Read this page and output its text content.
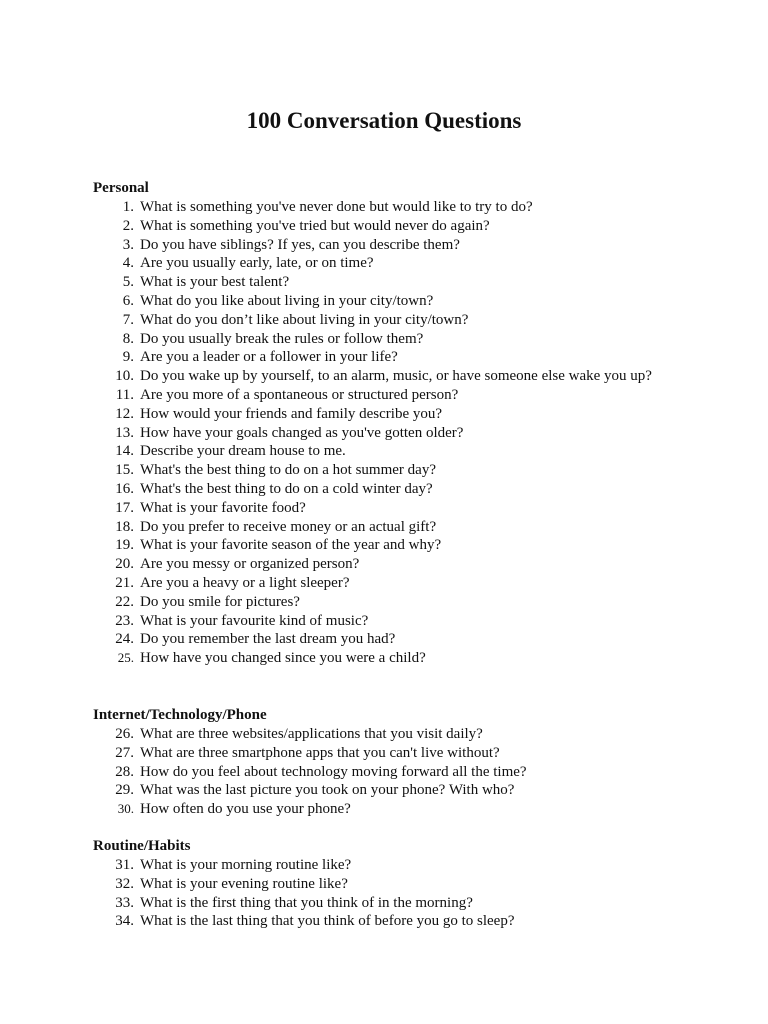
100 Conversation Questions
Personal
1. What is something you've never done but would like to try to do?
2. What is something you've tried but would never do again?
3. Do you have siblings? If yes, can you describe them?
4. Are you usually early, late, or on time?
5. What is your best talent?
6. What do you like about living in your city/town?
7. What do you don’t like about living in your city/town?
8. Do you usually break the rules or follow them?
9. Are you a leader or a follower in your life?
10. Do you wake up by yourself, to an alarm, music, or have someone else wake you up?
11. Are you more of a spontaneous or structured person?
12. How would your friends and family describe you?
13. How have your goals changed as you've gotten older?
14. Describe your dream house to me.
15. What's the best thing to do on a hot summer day?
16. What's the best thing to do on a cold winter day?
17. What is your favorite food?
18. Do you prefer to receive money or an actual gift?
19. What is your favorite season of the year and why?
20. Are you messy or organized person?
21. Are you a heavy or a light sleeper?
22. Do you smile for pictures?
23. What is your favourite kind of music?
24. Do you remember the last dream you had?
25. How have you changed since you were a child?
Internet/Technology/Phone
26. What are three websites/applications that you visit daily?
27. What are three smartphone apps that you can't live without?
28. How do you feel about technology moving forward all the time?
29. What was the last picture you took on your phone? With who?
30. How often do you use your phone?
Routine/Habits
31. What is your morning routine like?
32. What is your evening routine like?
33. What is the first thing that you think of in the morning?
34. What is the last thing that you think of before you go to sleep?
